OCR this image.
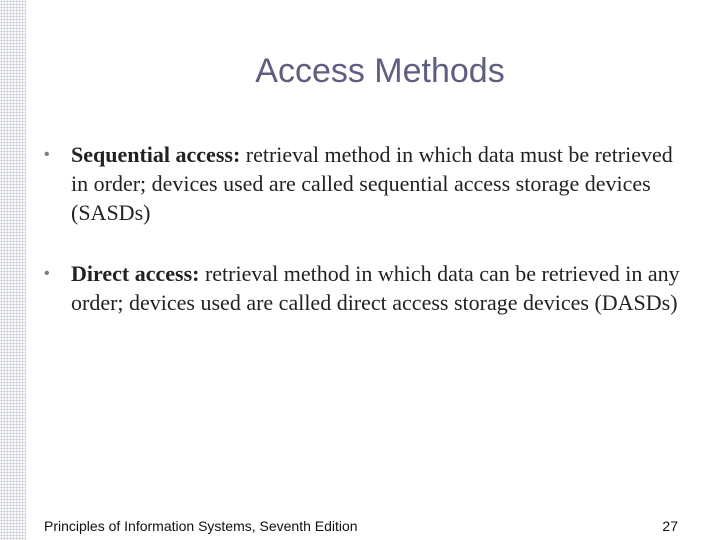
Access Methods
• Sequential access: retrieval method in which data must be retrieved in order; devices used are called sequential access storage devices (SASDs)
• Direct access: retrieval method in which data can be retrieved in any order; devices used are called direct access storage devices (DASDs)
Principles of Information Systems, Seventh Edition	27
